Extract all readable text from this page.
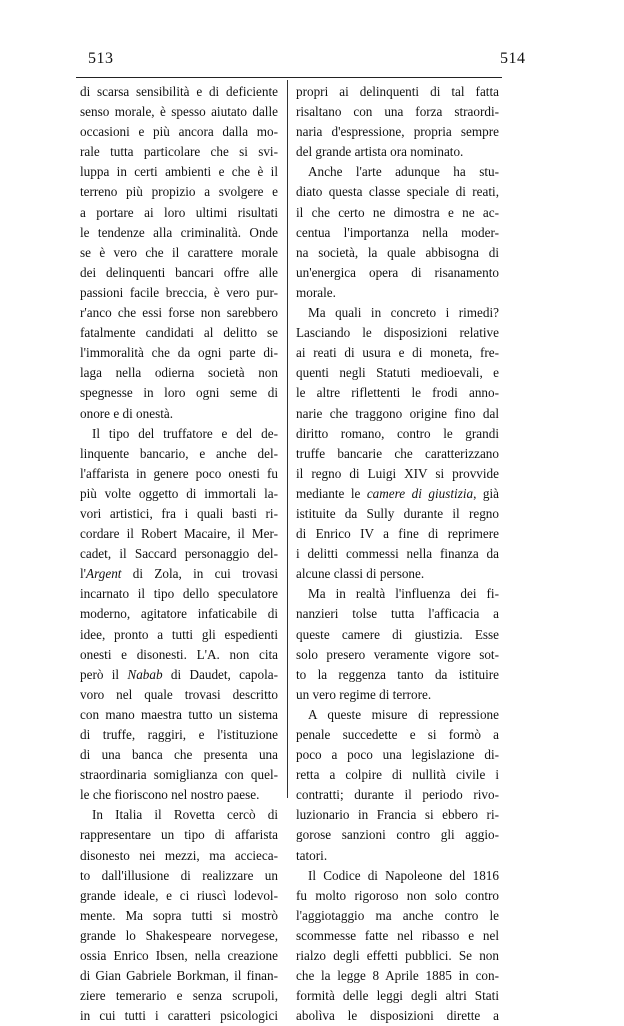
513	514
di scarsa sensibilità e di deficiente
senso morale, è spesso aiutato dalle
occasioni e più ancora dalla mo-
rale tutta particolare che si svi-
luppa in certi ambienti e che è il
terreno più propizio a svolgere e
a portare ai loro ultimi risultati
le tendenze alla criminalità. Onde
se è vero che il carattere morale
dei delinquenti bancari offre alle
passioni facile breccia, è vero pur-
r'anco che essi forse non sarebbero
fatalmente candidati al delitto se
l'immoralità che da ogni parte di-
laga nella odierna società non
spegnesse in loro ogni seme di
onore e di onestà.
Il tipo del truffatore e del de-
linquente bancario, e anche del-
l'affarista in genere poco onesti fu
più volte oggetto di immortali la-
vori artistici, fra i quali basti ri-
cordare il Robert Macaire, il Mer-
cadet, il Saccard personaggio del-
l'Argent di Zola, in cui trovasi
incarnato il tipo dello speculatore
moderno, agitatore infaticabile di
idee, pronto a tutti gli espedienti
onesti e disonesti. L'A. non cita
però il Nabab di Daudet, capola-
voro nel quale trovasi descritto
con mano maestra tutto un sistema
di truffe, raggiri, e l'istituzione
di una banca che presenta una
straordinaria somiglianza con quel-
le che fioriscono nel nostro paese.
In Italia il Rovetta cercò di
rappresentare un tipo di affarista
disonesto nei mezzi, ma accieca-
to dall'illusione di realizzare un
grande ideale, e ci riuscì lodevol-
mente. Ma sopra tutti si mostrò
grande lo Shakespeare norvegese,
ossia Enrico Ibsen, nella creazione
di Gian Gabriele Borkman, il finan-
ziere temerario e senza scrupoli,
in cui tutti i caratteri psicologici
propri ai delinquenti di tal fatta
risaltano con una forza straordi-
naria d'espressione, propria sempre
del grande artista ora nominato.
Anche l'arte adunque ha stu-
diato questa classe speciale di reati,
il che certo ne dimostra e ne ac-
centua l'importanza nella moder-
na società, la quale abbisogna di
un'energica opera di risanamento
morale.
Ma quali in concreto i rimedi?
Lasciando le disposizioni relative
ai reati di usura e di moneta, fre-
quenti negli Statuti medioevali, e
le altre riflettenti le frodi anno-
narie che traggono origine fino dal
diritto romano, contro le grandi
truffe bancarie che caratterizzano
il regno di Luigi XIV si provvide
mediante le camere di giustizia, già
istituite da Sully durante il regno
di Enrico IV a fine di reprimere
i delitti commessi nella finanza da
alcune classi di persone.
Ma in realtà l'influenza dei fi-
nanzieri tolse tutta l'afficacia a
queste camere di giustizia. Esse
solo presero veramente vigore sot-
to la reggenza tanto da istituire
un vero regime di terrore.
A queste misure di repressione
penale succedette e si formò a
poco a poco una legislazione di-
retta a colpire di nullità civile i
contratti; durante il periodo rivo-
luzionario in Francia si ebbero ri-
gorose sanzioni contro gli aggio-
tatori.
Il Codice di Napoleone del 1816
fu molto rigoroso non solo contro
l'aggiotaggio ma anche contro le
scommesse fatte nel ribasso e nel
rialzo degli effetti pubblici. Se non
che la legge 8 Aprile 1885 in con-
formità delle leggi degli altri Stati
abolìva le disposizioni dirette a
